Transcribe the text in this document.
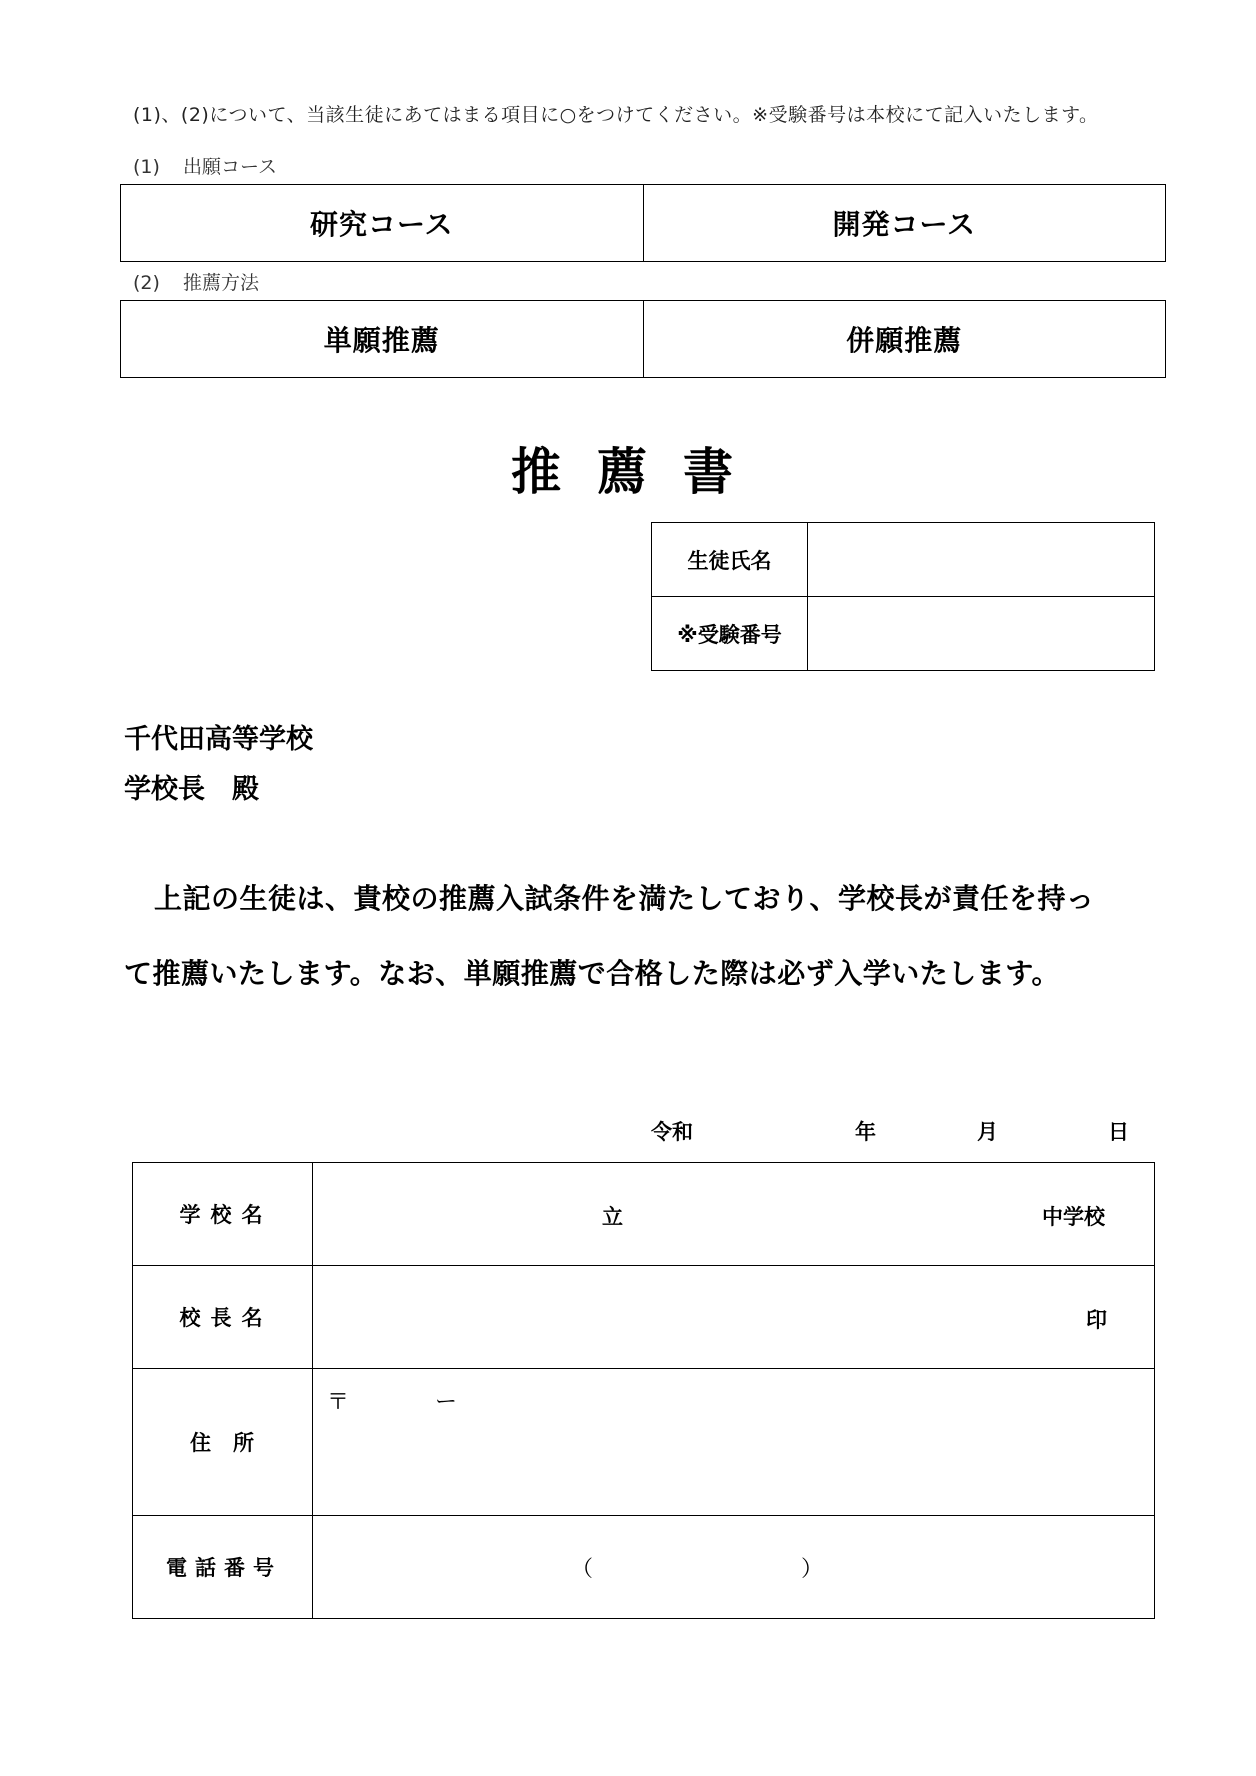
(1)、(2)について、当該生徒にあてはまる項目に○をつけてください。※受験番号は本校にて記入いたします。
(1) 出願コース
研究コース	開発コース
(2) 推薦方法
単願推薦	併願推薦
推薦書
生徒氏名	
※受験番号	
千代田高等学校
学校長　殿
上記の生徒は、貴校の推薦入試条件を満たしており、学校長が責任を持っ
て推薦いたします。なお、単願推薦で合格した際は必ず入学いたします。
令和	年	月	日
学校名	立 中学校

校長名	印

住所	〒 ー

電話番号	（ ）
